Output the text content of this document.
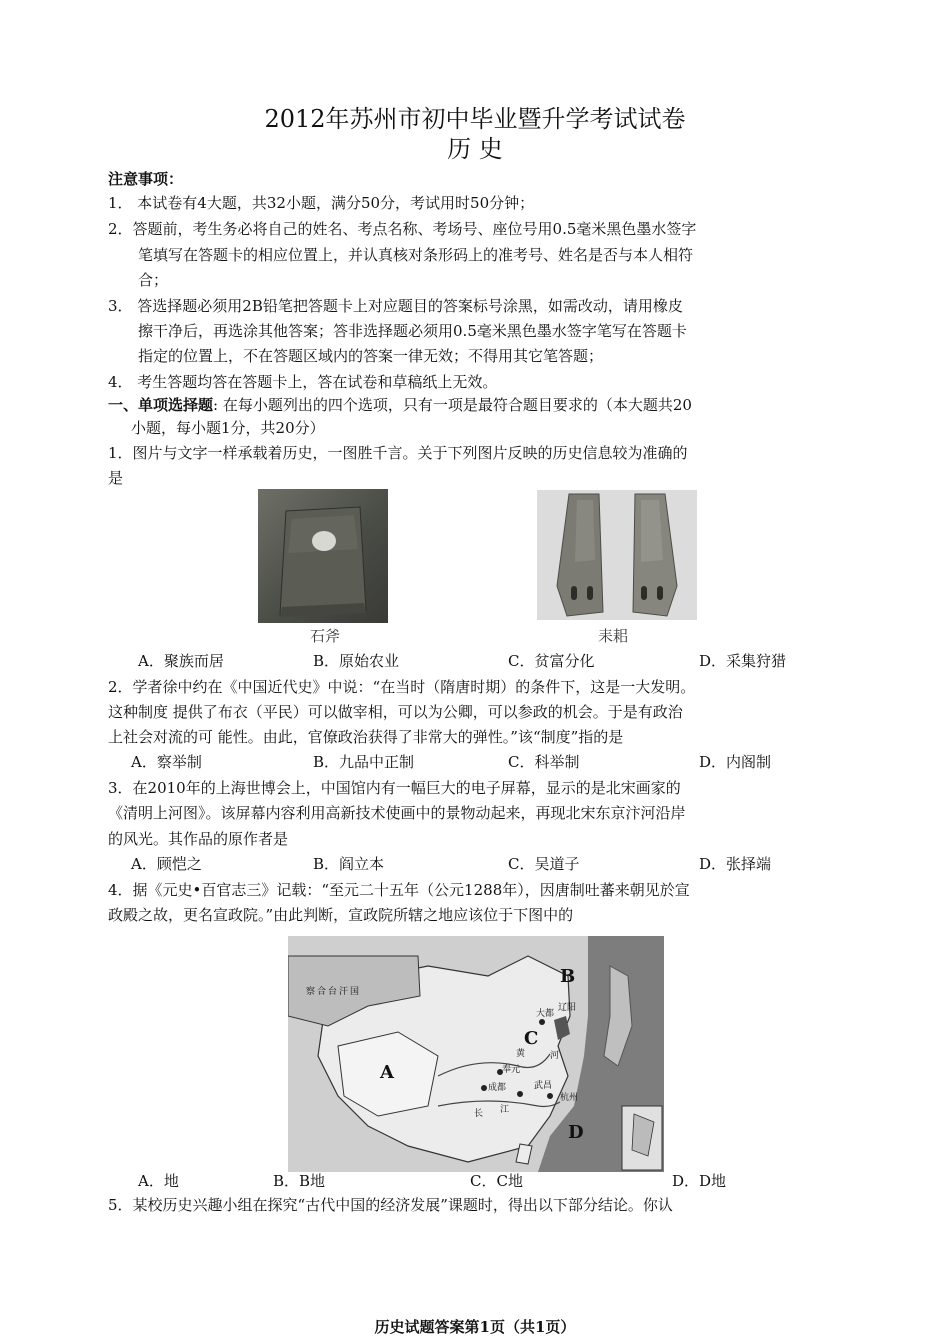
2012年苏州市初中毕业暨升学考试试卷
历 史
注意事项：
1． 本试卷有4大题，共32小题，满分50分，考试用时50分钟；
2．答题前，考生务必将自己的姓名、考点名称、考场号、座位号用0.5毫米黑色墨水签字
笔填写在答题卡的相应位置上，并认真核对条形码上的准考号、姓名是否与本人相符
合；
3． 答选择题必须用2B铅笔把答题卡上对应题目的答案标号涂黑，如需改动，请用橡皮
擦干净后，再选涂其他答案；答非选择题必须用0.5毫米黑色墨水签字笔写在答题卡
指定的位置上，不在答题区域内的答案一律无效；不得用其它笔答题；
4． 考生答题均答在答题卡上，答在试卷和草稿纸上无效。
一、单项选择题: 在每小题列出的四个选项，只有一项是最符合题目要求的（本大题共20
小题，每小题1分，共20分）
1．图片与文字一样承载着历史，一图胜千言。关于下列图片反映的历史信息较为准确的
是
石斧	耒耜
A．聚族而居	B．原始农业	C．贫富分化	D．采集狩猎
2．学者徐中约在《中国近代史》中说：“在当时（隋唐时期）的条件下，这是一大发明。
这种制度 提供了布衣（平民）可以做宰相，可以为公卿，可以参政的机会。于是有政治
上社会对流的可 能性。由此，官僚政治获得了非常大的弹性。”该“制度”指的是
A．察举制	B．九品中正制	C．科举制	D．内阁制
3．在2010年的上海世博会上，中国馆内有一幅巨大的电子屏幕，显示的是北宋画家的
《清明上河图》。该屏幕内容利用高新技术使画中的景物动起来，再现北宋东京汴河沿岸
的风光。其作品的原作者是
A．顾恺之	B．阎立本	C．吴道子	D．张择端
4．据《元史•百官志三》记载：“至元二十五年（公元1288年），因唐制吐蕃来朝见於宣
政殿之故，更名宣政院。”由此判断，宣政院所辖之地应该位于下图中的
B
C
A
D
察合台汗国
大都
辽阳
黄	河
奉元
成都	武昌
杭州
长 江
A．地	B．B地	C．C地	D．D地
5．某校历史兴趣小组在探究“古代中国的经济发展”课题时，得出以下部分结论。你认
历史试题答案第1页（共1页）
